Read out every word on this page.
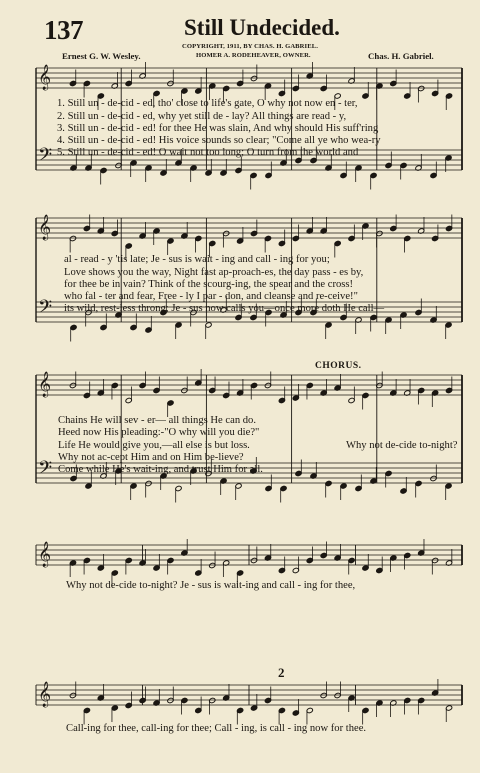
137	Still Undecided.
COPYRIGHT, 1911, BY CHAS. H. GABRIEL.
HOMER A. RODEHEAVER, OWNER.
Ernest G. W. Wesley.	Chas. H. Gabriel.
𝄞
𝄢
𝄞
𝄢
𝄞
𝄢
𝄞
𝄞
1. Still un - de-cid - ed, tho' close to life's gate, O why not now en - ter,
2. Still un - de-cid - ed, why yet still de - lay? All things are read - y,
3. Still un - de-cid - ed! for thee He was slain, And why should His suff'ring
4. Still un - de-cid - ed! His voice sounds so clear; "Come all ye who wea-ry
5. Still un - de-cid - ed! O wait not too long; O turn from the world and
al - read - y 'tis late; Je - sus is wait - ing and call - ing for you;
Love shows you the way, Night fast ap-proach-es, the day pass - es by,
for thee be in vain? Think of the scourg-ing, the spear and the cross!
who fal - ter and fear, Free - ly I par - don, and cleanse and re-ceive!"
its wild, rest-less throng; Je - sus now calls you—once more doth He call—
CHORUS.
Chains He will sev - er— all things He can do.
Heed now His pleading:-"O why will you die?"
Life He would give you,—all else is but loss.
Why not ac-cept Him and on Him be-lieve?
Come while He's wait-ing, and trust Him for all.
Why not de-cide to-night?
Why not de-cide to-night? Je - sus is wait-ing and call - ing for thee,
2
Call-ing for thee, call-ing for thee; Call - ing, is call - ing now for thee.
